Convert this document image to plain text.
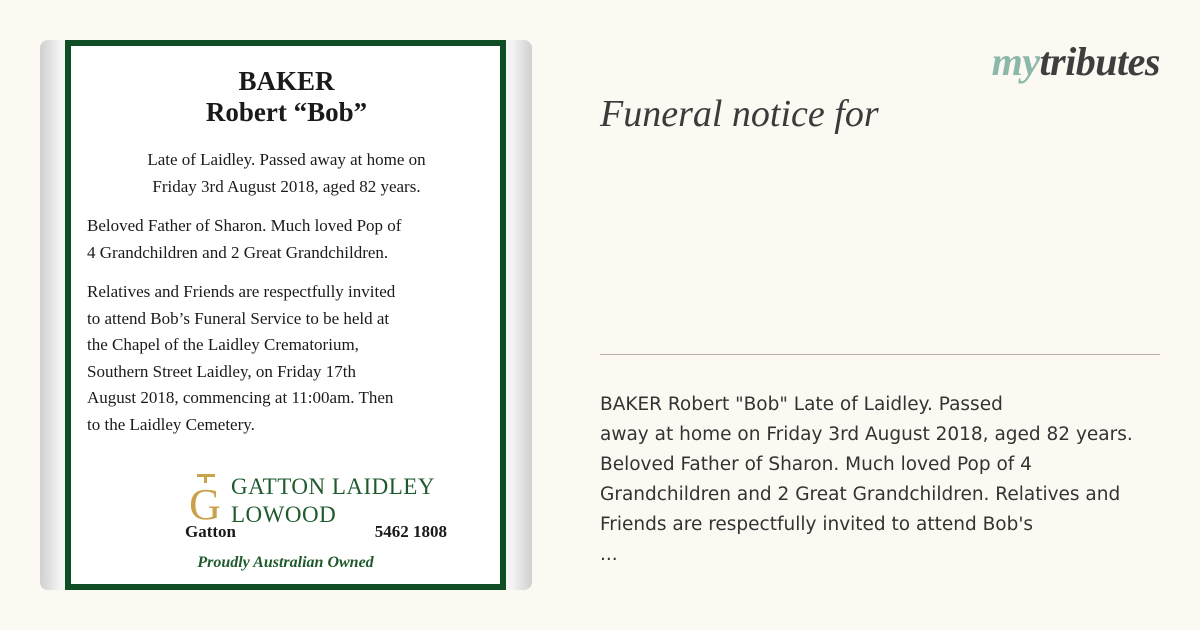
BAKER
Robert “Bob”
Late of Laidley. Passed away at home on
Friday 3rd August 2018, aged 82 years.
Beloved Father of Sharon. Much loved Pop of
4 Grandchildren and 2 Great Grandchildren.
Relatives and Friends are respectfully invited
to attend Bob’s Funeral Service to be held at
the Chapel of the Laidley Crematorium,
Southern Street Laidley, on Friday 17th
August 2018, commencing at 11:00am. Then
to the Laidley Cemetery.
G GATTON LAIDLEY
LOWOOD
Gatton	5462 1808
Proudly Australian Owned
mytributes
Funeral notice for
BAKER Robert "Bob" Late of Laidley. Passed
away at home on Friday 3rd August 2018, aged 82 years.
Beloved Father of Sharon. Much loved Pop of 4
Grandchildren and 2 Great Grandchildren. Relatives and
Friends are respectfully invited to attend Bob's
...
